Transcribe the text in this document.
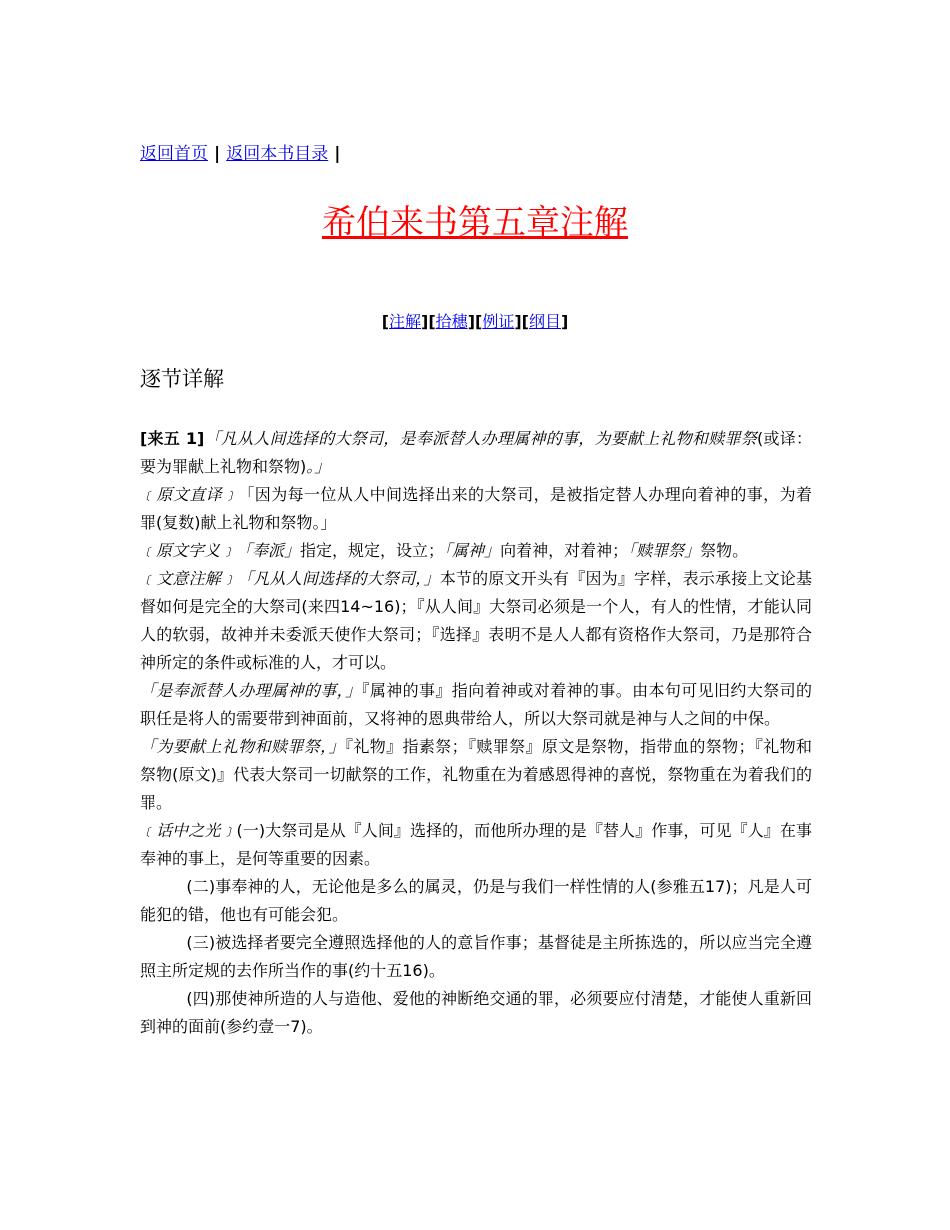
返回首页 | 返回本书目录 |
希伯来书第五章注解
[注解][拾穗][例证][纲目]
逐节详解

[来五 1]「凡从人间选择的大祭司，是奉派替人办理属神的事，为要献上礼物和赎罪祭(或译：要为罪献上礼物和祭物)。」

﹝原文直译﹞「因为每一位从人中间选择出来的大祭司，是被指定替人办理向着神的事，为着罪(复数)献上礼物和祭物。」

﹝原文字义﹞「奉派」指定，规定，设立；「属神」向着神，对着神；「赎罪祭」祭物。

﹝文意注解﹞「凡从人间选择的大祭司，」本节的原文开头有『因为』字样，表示承接上文论基督如何是完全的大祭司(来四14~16)；『从人间』大祭司必须是一个人，有人的性情，才能认同人的软弱，故神并未委派天使作大祭司；『选择』表明不是人人都有资格作大祭司，乃是那符合神所定的条件或标准的人，才可以。

「是奉派替人办理属神的事，」『属神的事』指向着神或对着神的事。由本句可见旧约大祭司的职任是将人的需要带到神面前，又将神的恩典带给人，所以大祭司就是神与人之间的中保。

「为要献上礼物和赎罪祭，」『礼物』指素祭；『赎罪祭』原文是祭物，指带血的祭物；『礼物和祭物(原文)』代表大祭司一切献祭的工作，礼物重在为着感恩得神的喜悦，祭物重在为着我们的罪。

﹝话中之光﹞(一)大祭司是从『人间』选择的，而他所办理的是『替人』作事，可见『人』在事奉神的事上，是何等重要的因素。

(二)事奉神的人，无论他是多么的属灵，仍是与我们一样性情的人(参雅五17)；凡是人可能犯的错，他也有可能会犯。

(三)被选择者要完全遵照选择他的人的意旨作事；基督徒是主所拣选的，所以应当完全遵照主所定规的去作所当作的事(约十五16)。

(四)那使神所造的人与造他、爱他的神断绝交通的罪，必须要应付清楚，才能使人重新回到神的面前(参约壹一7)。
